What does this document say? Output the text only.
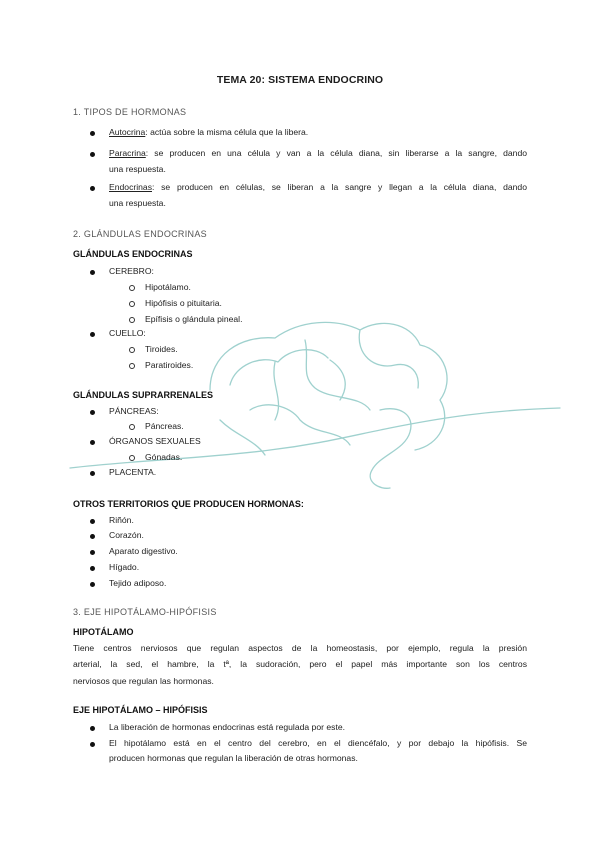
TEMA 20: SISTEMA ENDOCRINO
1. TIPOS DE HORMONAS
Autocrina: actúa sobre la misma célula que la libera.
Paracrina: se producen en una célula y van a la célula diana, sin liberarse a la sangre, dando
una respuesta.
Endocrinas: se producen en células, se liberan a la sangre y llegan a la célula diana, dando
una respuesta.
2. GLÁNDULAS ENDOCRINAS
GLÁNDULAS ENDOCRINAS
CEREBRO:
Hipotálamo.
Hipófisis o pituitaria.
Epífisis o glándula pineal.
CUELLO:
Tiroides.
Paratiroides.
GLÁNDULAS SUPRARRENALES
PÁNCREAS:
Páncreas.
ÓRGANOS SEXUALES
Gónadas.
PLACENTA.
OTROS TERRITORIOS QUE PRODUCEN HORMONAS:
Riñón.
Corazón.
Aparato digestivo.
Hígado.
Tejido adiposo.
3. EJE HIPOTÁLAMO-HIPÓFISIS
HIPOTÁLAMO
Tiene centros nerviosos que regulan aspectos de la homeostasis, por ejemplo, regula la presión
arterial, la sed, el hambre, la tª, la sudoración, pero el papel más importante son los centros
nerviosos que regulan las hormonas.
EJE HIPOTÁLAMO – HIPÓFISIS
La liberación de hormonas endocrinas está regulada por este.
El hipotálamo está en el centro del cerebro, en el diencéfalo, y por debajo la hipófisis. Se
producen hormonas que regulan la liberación de otras hormonas.
